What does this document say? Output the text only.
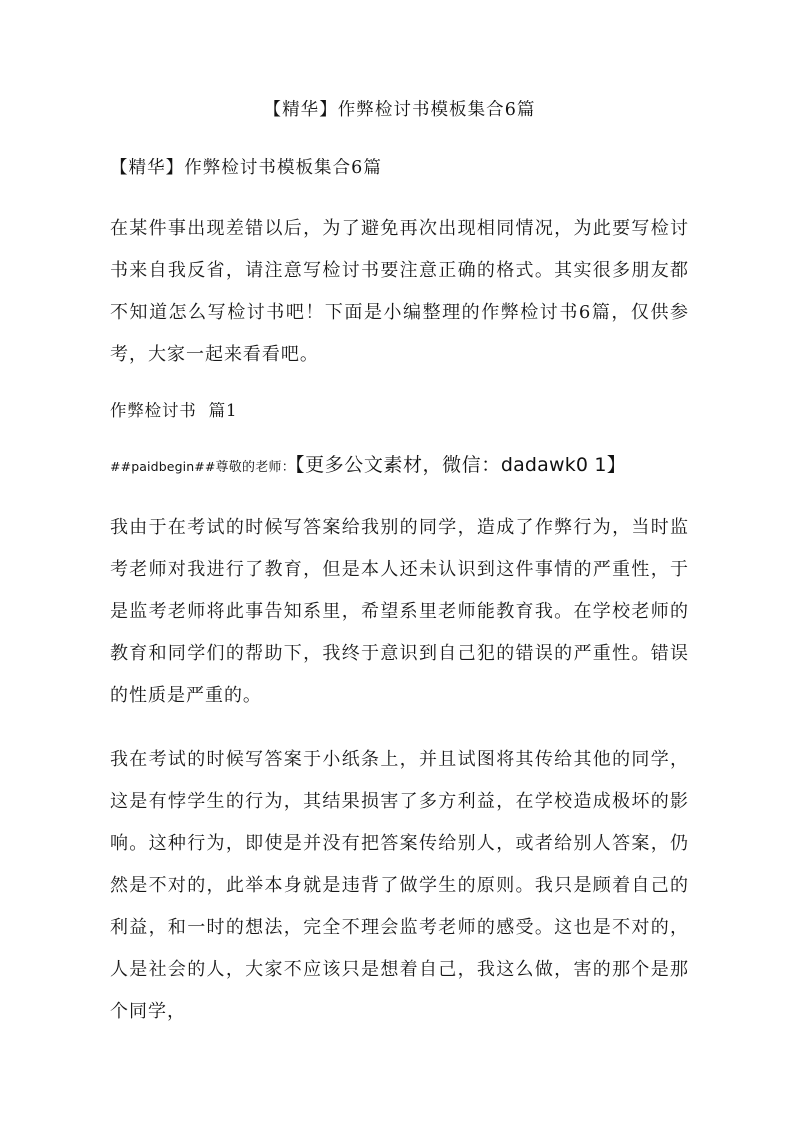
【精华】作弊检讨书模板集合6篇

【精华】作弊检讨书模板集合6篇

在某件事出现差错以后，为了避免再次出现相同情况，为此要写检讨书来自我反省，请注意写检讨书要注意正确的格式。其实很多朋友都不知道怎么写检讨书吧！下面是小编整理的作弊检讨书6篇，仅供参考，大家一起来看看吧。

作弊检讨书 篇1

##paidbegin##尊敬的老师：【更多公文素材，微信：dadawk0 1】

我由于在考试的时候写答案给我别的同学，造成了作弊行为，当时监考老师对我进行了教育，但是本人还未认识到这件事情的严重性，于是监考老师将此事告知系里，希望系里老师能教育我。在学校老师的教育和同学们的帮助下，我终于意识到自己犯的错误的严重性。错误的性质是严重的。

我在考试的时候写答案于小纸条上，并且试图将其传给其他的同学，这是有悖学生的行为，其结果损害了多方利益，在学校造成极坏的影响。这种行为，即使是并没有把答案传给别人，或者给别人答案，仍然是不对的，此举本身就是违背了做学生的原则。我只是顾着自己的利益，和一时的想法，完全不理会监考老师的感受。这也是不对的，人是社会的人，大家不应该只是想着自己，我这么做，害的那个是那个同学，
